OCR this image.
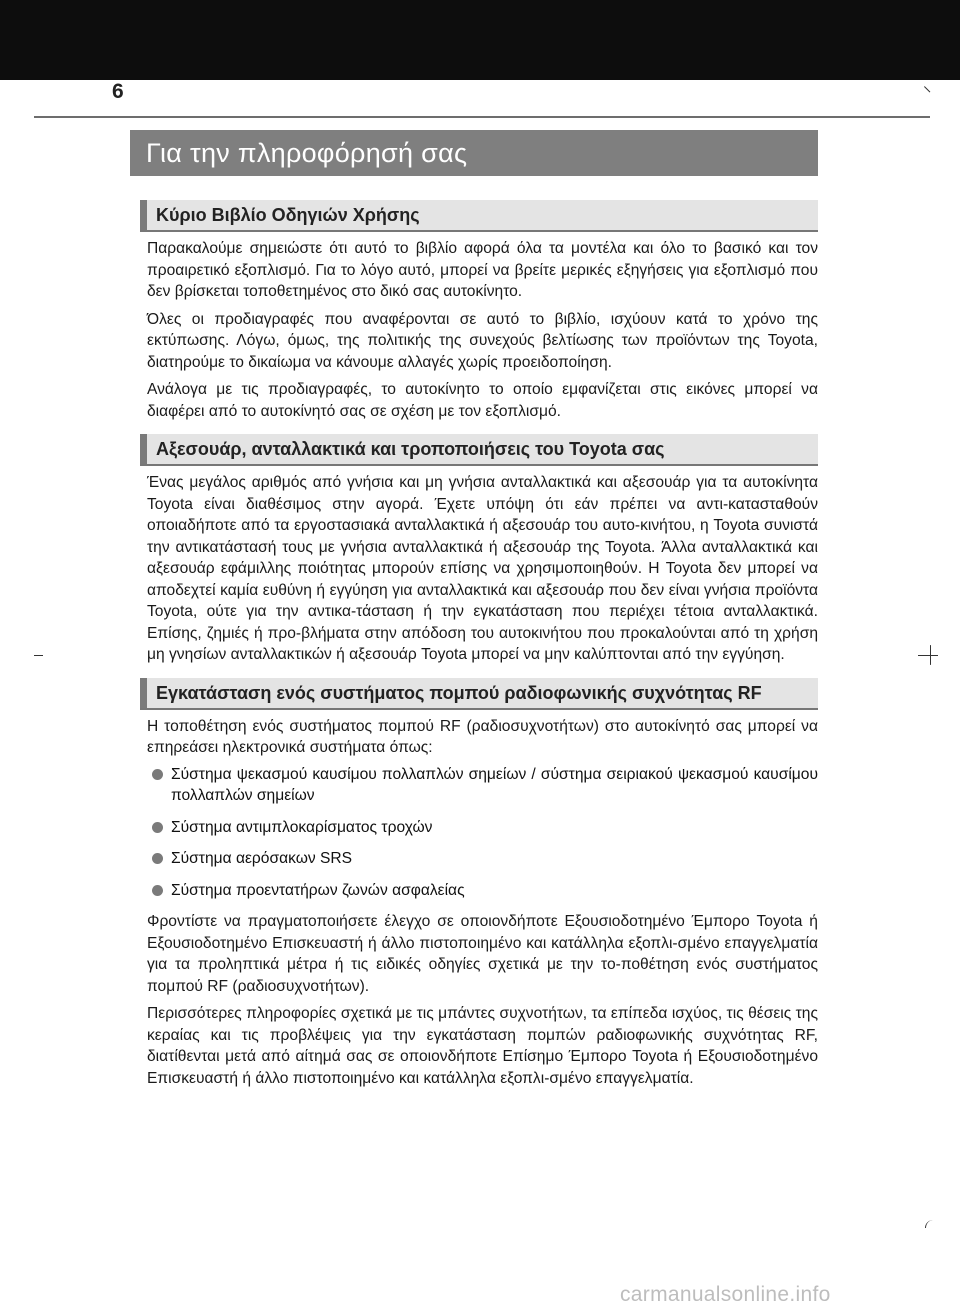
6
Για την πληροφόρησή σας
Κύριο Βιβλίο Οδηγιών Χρήσης

Παρακαλούμε σημειώστε ότι αυτό το βιβλίο αφορά όλα τα μοντέλα και όλο το βασικό και τον προαιρετικό εξοπλισμό. Για το λόγο αυτό, μπορεί να βρείτε μερικές εξηγήσεις για εξοπλισμό που δεν βρίσκεται τοποθετημένος στο δικό σας αυτοκίνητο.

Όλες οι προδιαγραφές που αναφέρονται σε αυτό το βιβλίο, ισχύουν κατά το χρόνο της εκτύπωσης. Λόγω, όμως, της πολιτικής της συνεχούς βελτίωσης των προϊόντων της Toyota, διατηρούμε το δικαίωμα να κάνουμε αλλαγές χωρίς προειδοποίηση.

Ανάλογα με τις προδιαγραφές, το αυτοκίνητο το οποίο εμφανίζεται στις εικόνες μπορεί να διαφέρει από το αυτοκίνητό σας σε σχέση με τον εξοπλισμό.

Αξεσουάρ, ανταλλακτικά και τροποποιήσεις του Toyota σας

Ένας μεγάλος αριθμός από γνήσια και μη γνήσια ανταλλακτικά και αξεσουάρ για τα αυτοκίνητα Toyota είναι διαθέσιμος στην αγορά. Έχετε υπόψη ότι εάν πρέπει να αντι-κατασταθούν οποιαδήποτε από τα εργοστασιακά ανταλλακτικά ή αξεσουάρ του αυτο-κινήτου, η Toyota συνιστά την αντικατάστασή τους με γνήσια ανταλλακτικά ή αξεσουάρ της Toyota. Άλλα ανταλλακτικά και αξεσουάρ εφάμιλλης ποιότητας μπορούν επίσης να χρησιμοποιηθούν. Η Toyota δεν μπορεί να αποδεχτεί καμία ευθύνη ή εγγύηση για ανταλλακτικά και αξεσουάρ που δεν είναι γνήσια προϊόντα Toyota, ούτε για την αντικα-τάσταση ή την εγκατάσταση που περιέχει τέτοια ανταλλακτικά. Επίσης, ζημιές ή προ-βλήματα στην απόδοση του αυτοκινήτου που προκαλούνται από τη χρήση μη γνησίων ανταλλακτικών ή αξεσουάρ Toyota μπορεί να μην καλύπτονται από την εγγύηση.

Εγκατάσταση ενός συστήματος πομπού ραδιοφωνικής συχνότητας RF

Η τοποθέτηση ενός συστήματος πομπού RF (ραδιοσυχνοτήτων) στο αυτοκίνητό σας μπορεί να επηρεάσει ηλεκτρονικά συστήματα όπως:

Σύστημα ψεκασμού καυσίμου πολλαπλών σημείων / σύστημα σειριακού ψεκασμού καυσίμου πολλαπλών σημείων
Σύστημα αντιμπλοκαρίσματος τροχών
Σύστημα αερόσακων SRS
Σύστημα προεντατήρων ζωνών ασφαλείας

Φροντίστε να πραγματοποιήσετε έλεγχο σε οποιονδήποτε Εξουσιοδοτημένο Έμπορο Toyota ή Εξουσιοδοτημένο Επισκευαστή ή άλλο πιστοποιημένο και κατάλληλα εξοπλι-σμένο επαγγελματία για τα προληπτικά μέτρα ή τις ειδικές οδηγίες σχετικά με την το-ποθέτηση ενός συστήματος πομπού RF (ραδιοσυχνοτήτων).

Περισσότερες πληροφορίες σχετικά με τις μπάντες συχνοτήτων, τα επίπεδα ισχύος, τις θέσεις της κεραίας και τις προβλέψεις για την εγκατάσταση πομπών ραδιοφωνικής συχνότητας RF, διατίθενται μετά από αίτημά σας σε οποιονδήποτε Επίσημο Έμπορο Toyota ή Εξουσιοδοτημένο Επισκευαστή ή άλλο πιστοποιημένο και κατάλληλα εξοπλι-σμένο επαγγελματία.

carmanualsonline.info
